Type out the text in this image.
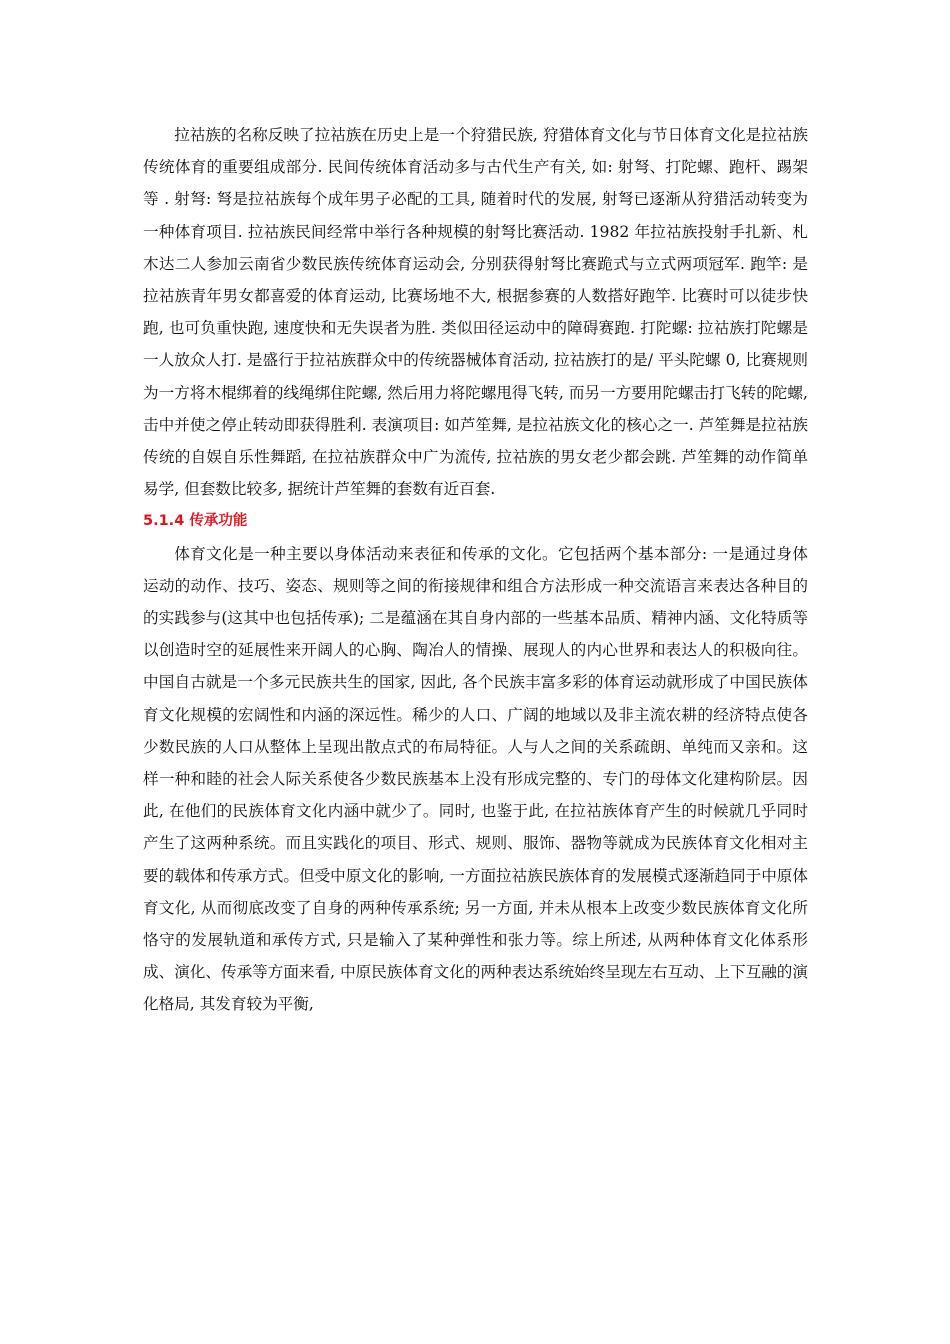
拉祜族的名称反映了拉祜族在历史上是一个狩猎民族, 狩猎体育文化与节日体育文化是拉祜族传统体育的重要组成部分. 民间传统体育活动多与古代生产有关, 如: 射弩、打陀螺、跑杆、踢架等 . 射弩: 弩是拉祜族每个成年男子必配的工具, 随着时代的发展, 射弩已逐渐从狩猎活动转变为一种体育项目. 拉祜族民间经常中举行各种规模的射弩比赛活动. 1982 年拉祜族投射手扎新、札木达二人参加云南省少数民族传统体育运动会, 分别获得射弩比赛跪式与立式两项冠军. 跑竿: 是拉祜族青年男女都喜爱的体育运动, 比赛场地不大, 根据参赛的人数搭好跑竿. 比赛时可以徒步快跑, 也可负重快跑, 速度快和无失误者为胜. 类似田径运动中的障碍赛跑. 打陀螺: 拉祜族打陀螺是一人放众人打. 是盛行于拉祜族群众中的传统器械体育活动, 拉祜族打的是/ 平头陀螺 0, 比赛规则为一方将木棍绑着的线绳绑住陀螺, 然后用力将陀螺甩得飞转, 而另一方要用陀螺击打飞转的陀螺, 击中并使之停止转动即获得胜利. 表演项目: 如芦笙舞, 是拉祜族文化的核心之一. 芦笙舞是拉祜族传统的自娱自乐性舞蹈, 在拉祜族群众中广为流传, 拉祜族的男女老少都会跳. 芦笙舞的动作简单易学, 但套数比较多, 据统计芦笙舞的套数有近百套.

5.1.4 传承功能

体育文化是一种主要以身体活动来表征和传承的文化。它包括两个基本部分: 一是通过身体运动的动作、技巧、姿态、规则等之间的衔接规律和组合方法形成一种交流语言来表达各种目的的实践参与(这其中也包括传承); 二是蕴涵在其自身内部的一些基本品质、精神内涵、文化特质等以创造时空的延展性来开阔人的心胸、陶冶人的情操、展现人的内心世界和表达人的积极向往。中国自古就是一个多元民族共生的国家, 因此, 各个民族丰富多彩的体育运动就形成了中国民族体育文化规模的宏阔性和内涵的深远性。稀少的人口、广阔的地域以及非主流农耕的经济特点使各少数民族的人口从整体上呈现出散点式的布局特征。人与人之间的关系疏朗、单纯而又亲和。这样一种和睦的社会人际关系使各少数民族基本上没有形成完整的、专门的母体文化建构阶层。因此, 在他们的民族体育文化内涵中就少了。同时, 也鉴于此, 在拉祜族体育产生的时候就几乎同时产生了这两种系统。而且实践化的项目、形式、规则、服饰、器物等就成为民族体育文化相对主要的载体和传承方式。但受中原文化的影响, 一方面拉祜族民族体育的发展模式逐渐趋同于中原体育文化, 从而彻底改变了自身的两种传承系统; 另一方面, 并未从根本上改变少数民族体育文化所恪守的发展轨道和承传方式, 只是输入了某种弹性和张力等。综上所述, 从两种体育文化体系形成、演化、传承等方面来看, 中原民族体育文化的两种表达系统始终呈现左右互动、上下互融的演化格局, 其发育较为平衡,
